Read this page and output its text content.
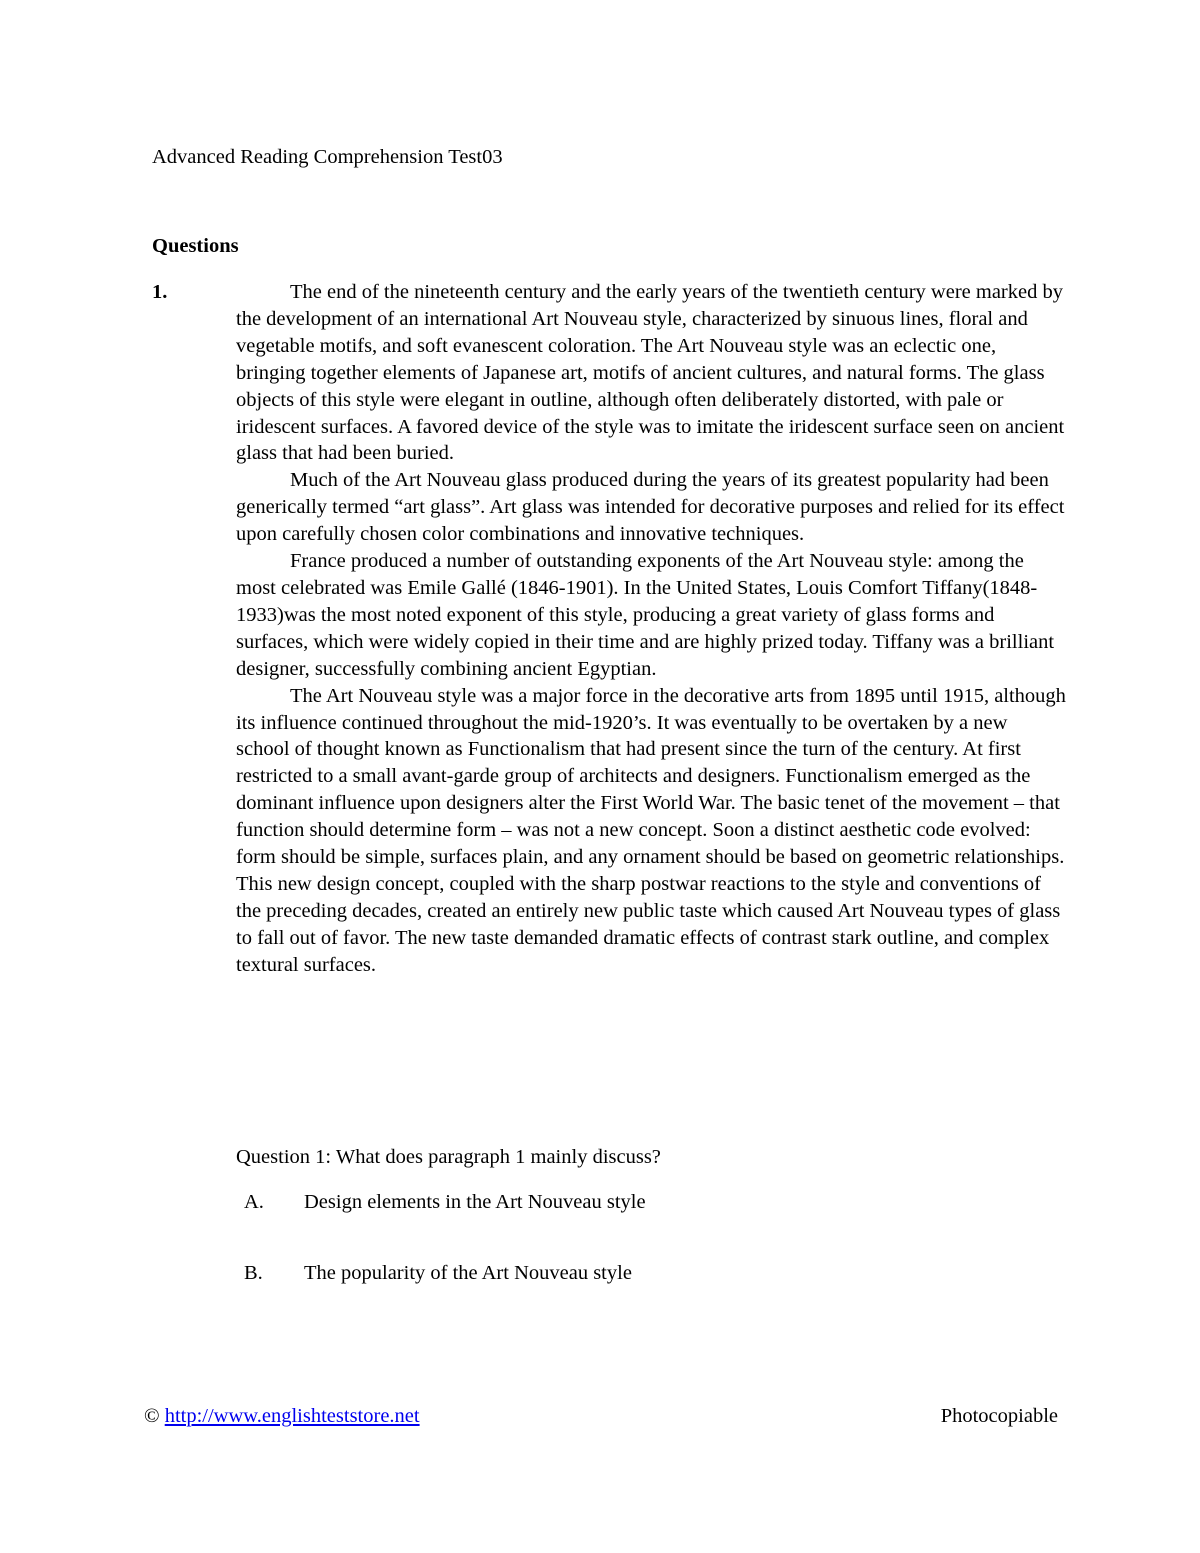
Advanced Reading Comprehension Test03
Questions
1.	The end of the nineteenth century and the early years of the twentieth century were marked by the development of an international Art Nouveau style, characterized by sinuous lines, floral and vegetable motifs, and soft evanescent coloration. The Art Nouveau style was an eclectic one, bringing together elements of Japanese art, motifs of ancient cultures, and natural forms. The glass objects of this style were elegant in outline, although often deliberately distorted, with pale or iridescent surfaces. A favored device of the style was to imitate the iridescent surface seen on ancient glass that had been buried.

Much of the Art Nouveau glass produced during the years of its greatest popularity had been generically termed “art glass”. Art glass was intended for decorative purposes and relied for its effect upon carefully chosen color combinations and innovative techniques.

France produced a number of outstanding exponents of the Art Nouveau style: among the most celebrated was Emile Gallé (1846-1901). In the United States, Louis Comfort Tiffany(1848-1933)was the most noted exponent of this style, producing a great variety of glass forms and surfaces, which were widely copied in their time and are highly prized today. Tiffany was a brilliant designer, successfully combining ancient Egyptian.

The Art Nouveau style was a major force in the decorative arts from 1895 until 1915, although its influence continued throughout the mid-1920’s. It was eventually to be overtaken by a new school of thought known as Functionalism that had present since the turn of the century. At first restricted to a small avant-garde group of architects and designers. Functionalism emerged as the dominant influence upon designers alter the First World War. The basic tenet of the movement – that function should determine form – was not a new concept. Soon a distinct aesthetic code evolved: form should be simple, surfaces plain, and any ornament should be based on geometric relationships. This new design concept, coupled with the sharp postwar reactions to the style and conventions of the preceding decades, created an entirely new public taste which caused Art Nouveau types of glass to fall out of favor. The new taste demanded dramatic effects of contrast stark outline, and complex textural surfaces.

Question 1: What does paragraph 1 mainly discuss?
A. Design elements in the Art Nouveau style
B. The popularity of the Art Nouveau style
© http://www.englishteststore.net	Photocopiable
